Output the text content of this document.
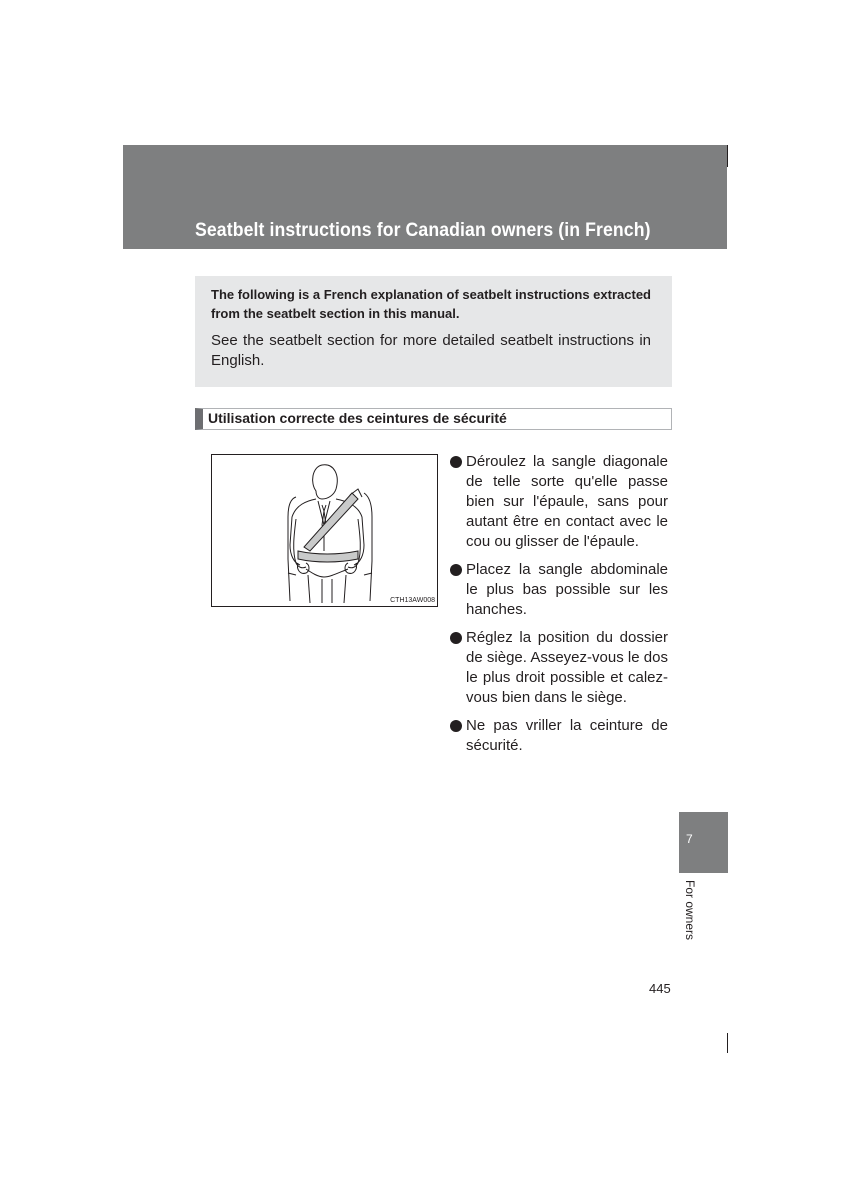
Seatbelt instructions for Canadian owners (in French)

The following is a French explanation of seatbelt instructions extracted from the seatbelt section in this manual.

See the seatbelt section for more detailed seatbelt instructions in English.

Utilisation correcte des ceintures de sécurité
CTH13AW008
Déroulez la sangle diagonale de telle sorte qu'elle passe bien sur l'épaule, sans pour autant être en contact avec le cou ou glisser de l'épaule.
Placez la sangle abdominale le plus bas possible sur les hanches.
Réglez la position du dossier de siège. Asseyez-vous le dos le plus droit possible et calez-vous bien dans le siège.
Ne pas vriller la ceinture de sécurité.
7
For owners
445
